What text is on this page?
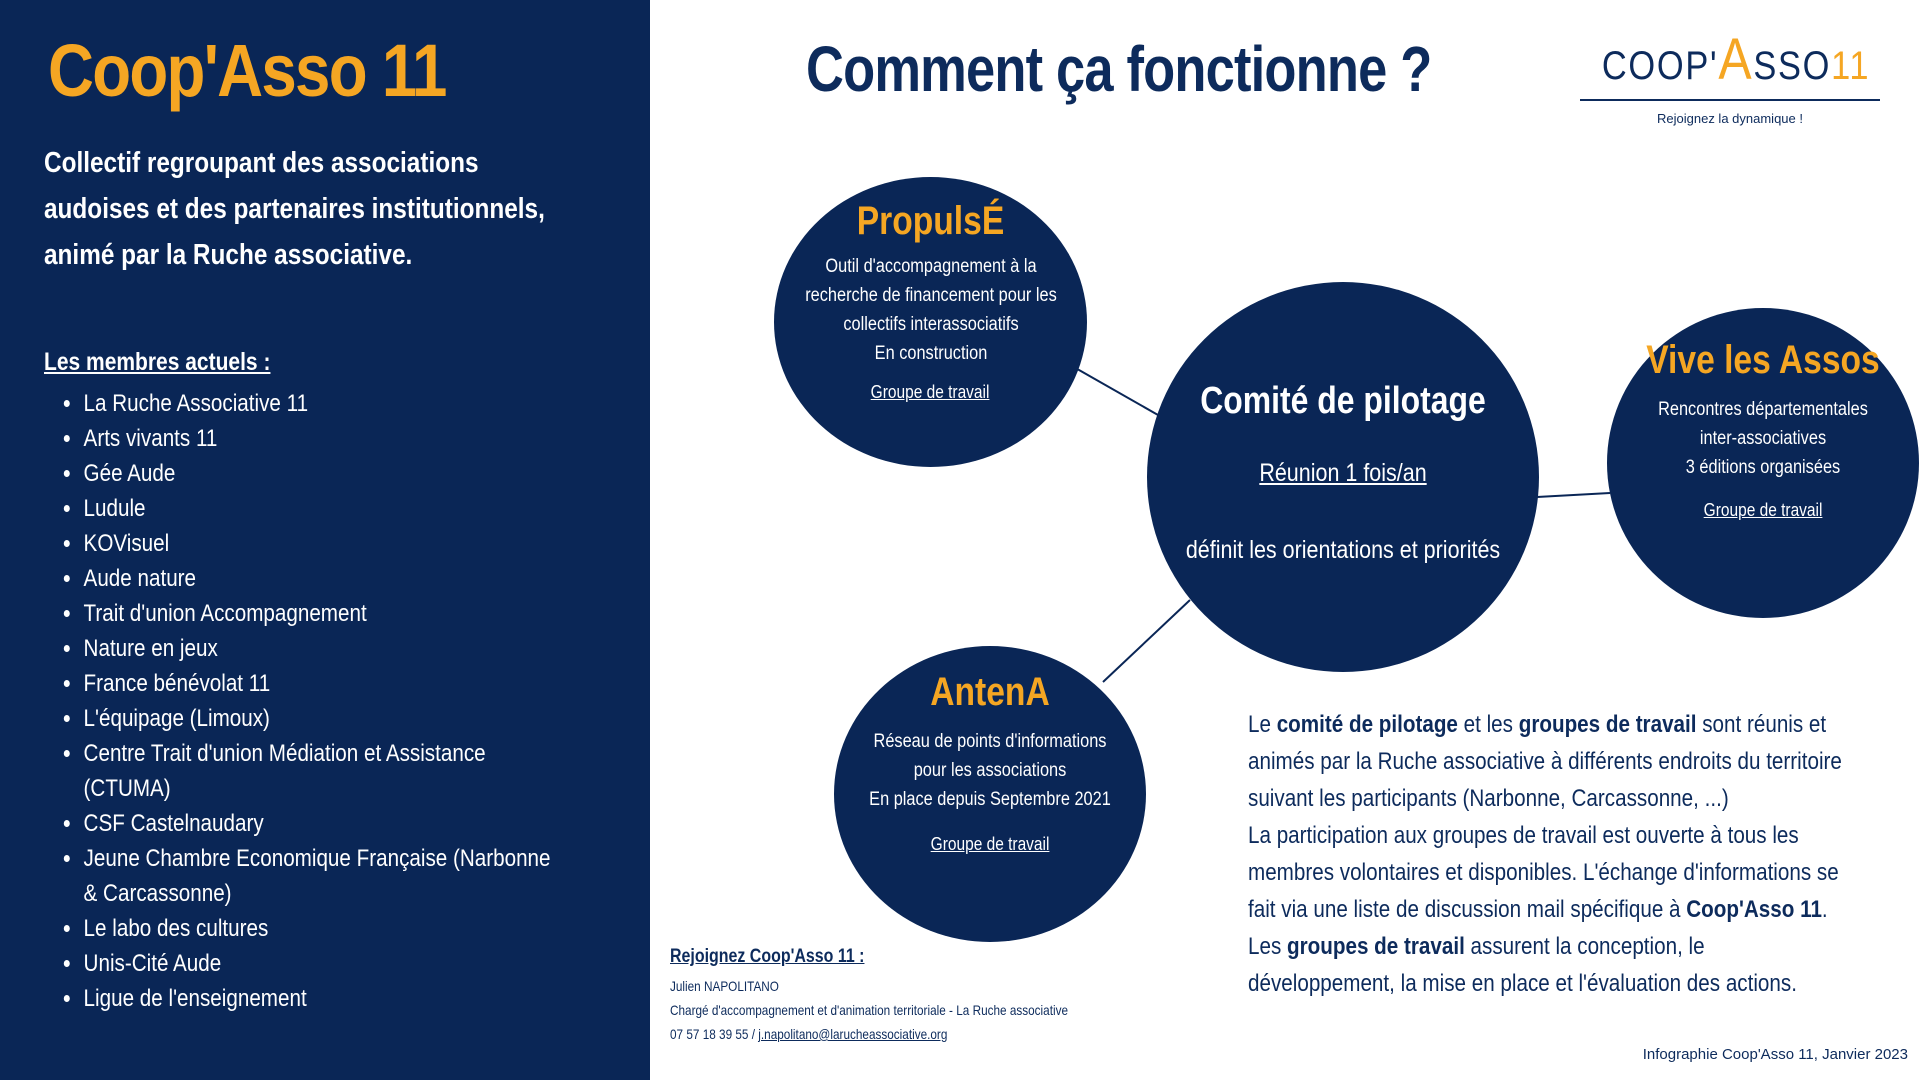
Coop'Asso 11

Collectif regroupant des associations audoises et des partenaires institutionnels, animé par la Ruche associative.

Les membres actuels :
• La Ruche Associative 11
• Arts vivants 11
• Gée Aude
• Ludule
• KOVisuel
• Aude nature
• Trait d'union Accompagnement
• Nature en jeux
• France bénévolat 11
• L'équipage (Limoux)
• Centre Trait d'union Médiation et Assistance (CTUMA)
• CSF Castelnaudary
• Jeune Chambre Economique Française (Narbonne & Carcassonne)
• Le labo des cultures
• Unis-Cité Aude
• Ligue de l'enseignement
Comment ça fonctionne ?	COOP'ASSO11
Rejoignez la dynamique !
PropulsÉ
Outil d'accompagnement à la recherche de financement pour les collectifs interassociatifs
En construction
Groupe de travail	Comité de pilotage
Réunion 1 fois/an
définit les orientations et priorités
Vive les Assos
Rencontres départementales inter-associatives
3 éditions organisées
Groupe de travail
AntenA
Réseau de points d'informations pour les associations
En place depuis Septembre 2021
Groupe de travail

Le comité de pilotage et les groupes de travail sont réunis et animés par la Ruche associative à différents endroits du territoire suivant les participants (Narbonne, Carcassonne, ...)

La participation aux groupes de travail est ouverte à tous les membres volontaires et disponibles. L'échange d'informations se fait via une liste de discussion mail spécifique à Coop'Asso 11.

Les groupes de travail assurent la conception, le développement, la mise en place et l'évaluation des actions.

Rejoignez Coop'Asso 11 :

Julien NAPOLITANO

Chargé d'accompagnement et d'animation territoriale - La Ruche associative

07 57 18 39 55 / j.napolitano@larucheassociative.org

Infographie Coop'Asso 11, Janvier 2023
